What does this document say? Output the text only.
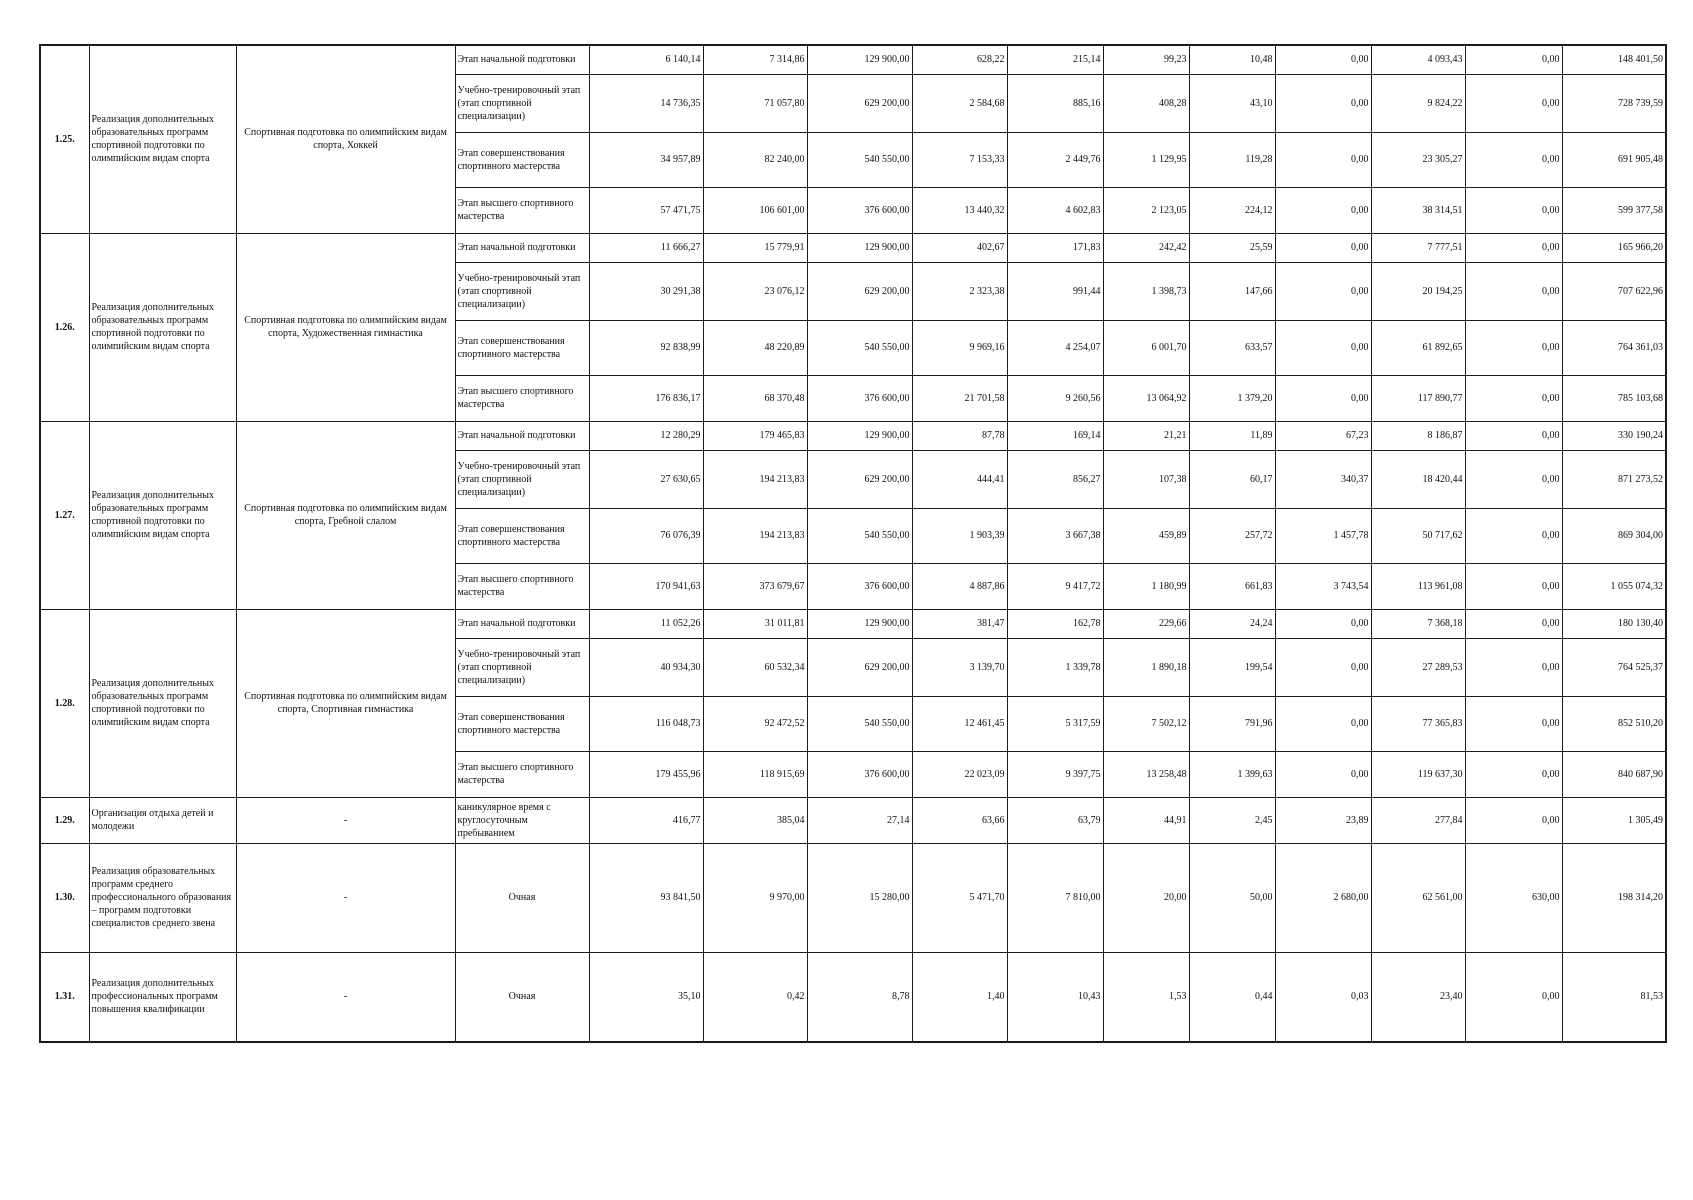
1.25.	Реализация дополнительных образовательных программ спортивной подготовки по олимпийским видам спорта	Спортивная подготовка по олимпийским видам спорта, Хоккей	Этап начальной подготовки	6 140,14	7 314,86	129 900,00	628,22	215,14	99,23	10,48	0,00	4 093,43	0,00	148 401,50
			Учебно-тренировочный этап (этап спортивной специализации)	14 736,35	71 057,80	629 200,00	2 584,68	885,16	408,28	43,10	0,00	9 824,22	0,00	728 739,59
			Этап совершенствования спортивного мастерства	34 957,89	82 240,00	540 550,00	7 153,33	2 449,76	1 129,95	119,28	0,00	23 305,27	0,00	691 905,48
			Этап высшего спортивного мастерства	57 471,75	106 601,00	376 600,00	13 440,32	4 602,83	2 123,05	224,12	0,00	38 314,51	0,00	599 377,58
1.26.	Реализация дополнительных образовательных программ спортивной подготовки по олимпийским видам спорта	Спортивная подготовка по олимпийским видам спорта, Художественная гимнастика	Этап начальной подготовки	11 666,27	15 779,91	129 900,00	402,67	171,83	242,42	25,59	0,00	7 777,51	0,00	165 966,20
			Учебно-тренировочный этап (этап спортивной специализации)	30 291,38	23 076,12	629 200,00	2 323,38	991,44	1 398,73	147,66	0,00	20 194,25	0,00	707 622,96
			Этап совершенствования спортивного мастерства	92 838,99	48 220,89	540 550,00	9 969,16	4 254,07	6 001,70	633,57	0,00	61 892,65	0,00	764 361,03
			Этап высшего спортивного мастерства	176 836,17	68 370,48	376 600,00	21 701,58	9 260,56	13 064,92	1 379,20	0,00	117 890,77	0,00	785 103,68
1.27.	Реализация дополнительных образовательных программ спортивной подготовки по олимпийским видам спорта	Спортивная подготовка по олимпийским видам спорта, Гребной слалом	Этап начальной подготовки	12 280,29	179 465,83	129 900,00	87,78	169,14	21,21	11,89	67,23	8 186,87	0,00	330 190,24
			Учебно-тренировочный этап (этап спортивной специализации)	27 630,65	194 213,83	629 200,00	444,41	856,27	107,38	60,17	340,37	18 420,44	0,00	871 273,52
			Этап совершенствования спортивного мастерства	76 076,39	194 213,83	540 550,00	1 903,39	3 667,38	459,89	257,72	1 457,78	50 717,62	0,00	869 304,00
			Этап высшего спортивного мастерства	170 941,63	373 679,67	376 600,00	4 887,86	9 417,72	1 180,99	661,83	3 743,54	113 961,08	0,00	1 055 074,32
1.28.	Реализация дополнительных образовательных программ спортивной подготовки по олимпийским видам спорта	Спортивная подготовка по олимпийским видам спорта, Спортивная гимнастика	Этап начальной подготовки	11 052,26	31 011,81	129 900,00	381,47	162,78	229,66	24,24	0,00	7 368,18	0,00	180 130,40
			Учебно-тренировочный этап (этап спортивной специализации)	40 934,30	60 532,34	629 200,00	3 139,70	1 339,78	1 890,18	199,54	0,00	27 289,53	0,00	764 525,37
			Этап совершенствования спортивного мастерства	116 048,73	92 472,52	540 550,00	12 461,45	5 317,59	7 502,12	791,96	0,00	77 365,83	0,00	852 510,20
			Этап высшего спортивного мастерства	179 455,96	118 915,69	376 600,00	22 023,09	9 397,75	13 258,48	1 399,63	0,00	119 637,30	0,00	840 687,90
1.29.	Организация отдыха детей и молодежи	-	каникулярное время с круглосуточным пребыванием	416,77	385,04	27,14	63,66	63,79	44,91	2,45	23,89	277,84	0,00	1 305,49
1.30.	Реализация образовательных программ среднего профессионального образования – программ подготовки специалистов среднего звена	-	Очная	93 841,50	9 970,00	15 280,00	5 471,70	7 810,00	20,00	50,00	2 680,00	62 561,00	630,00	198 314,20
1.31.	Реализация дополнительных профессиональных программ повышения квалификации	-	Очная	35,10	0,42	8,78	1,40	10,43	1,53	0,44	0,03	23,40	0,00	81,53
